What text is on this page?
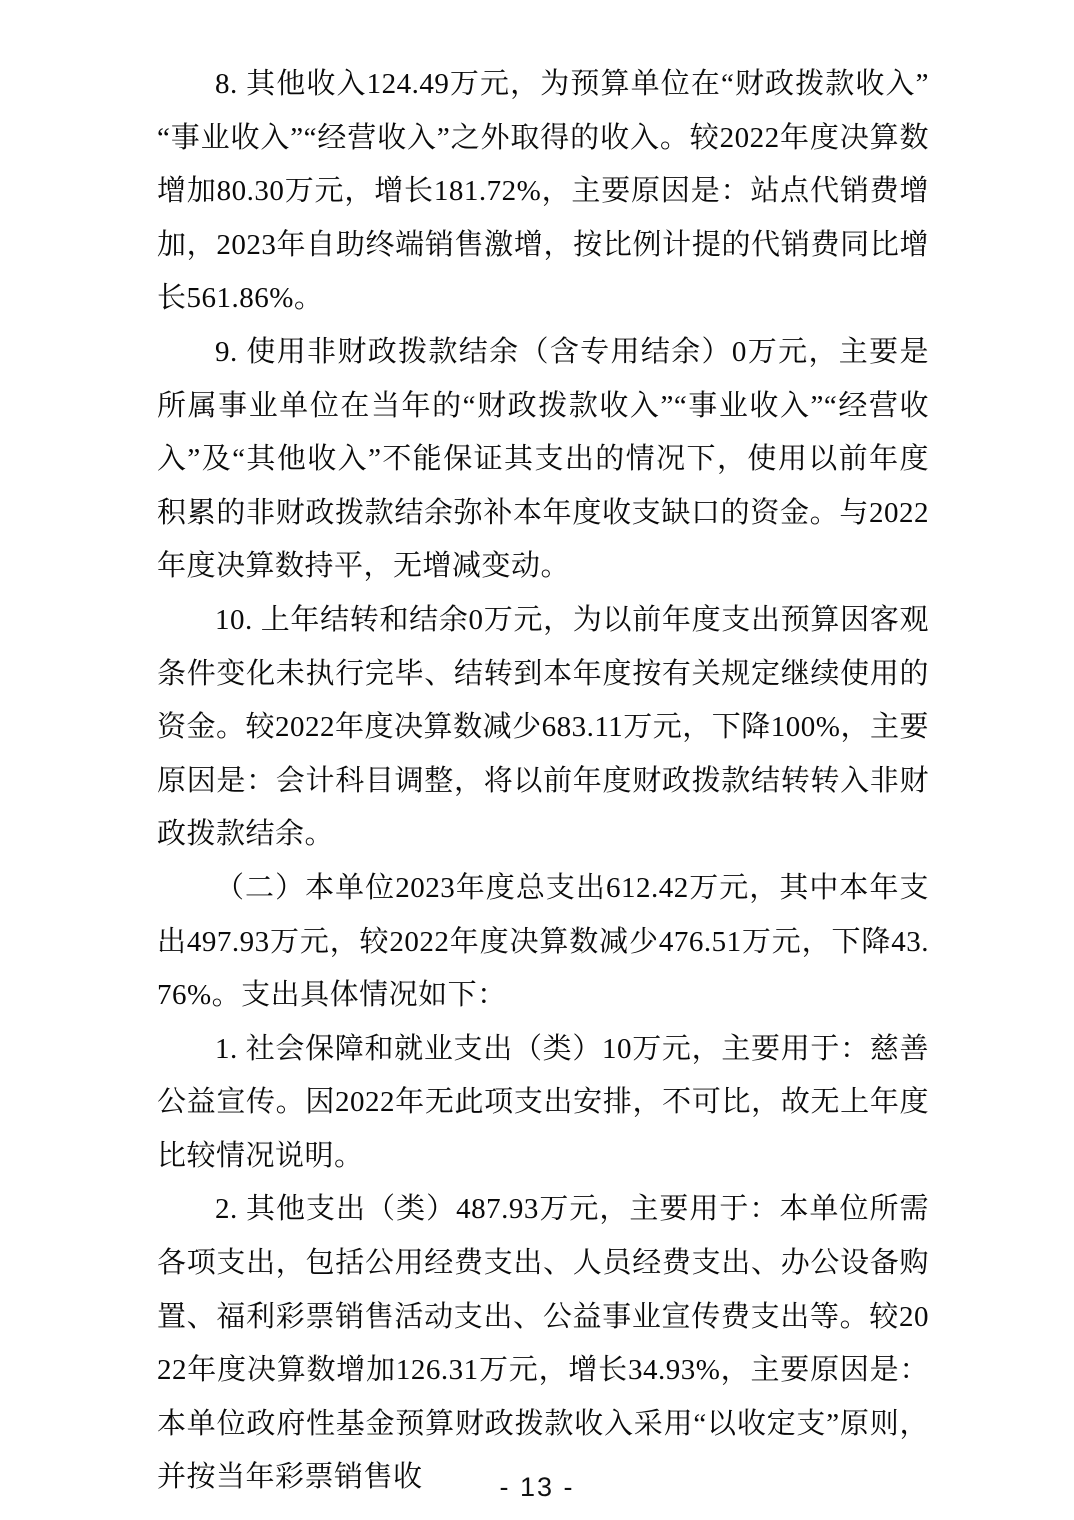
8. 其他收入124.49万元，为预算单位在“财政拨款收入”“事业收入”“经营收入”之外取得的收入。较2022年度决算数增加80.30万元，增长181.72%，主要原因是：站点代销费增加，2023年自助终端销售激增，按比例计提的代销费同比增长561.86%。

9. 使用非财政拨款结余（含专用结余）0万元，主要是所属事业单位在当年的“财政拨款收入”“事业收入”“经营收入”及“其他收入”不能保证其支出的情况下，使用以前年度积累的非财政拨款结余弥补本年度收支缺口的资金。与2022年度决算数持平，无增减变动。

10. 上年结转和结余0万元，为以前年度支出预算因客观条件变化未执行完毕、结转到本年度按有关规定继续使用的资金。较2022年度决算数减少683.11万元，下降100%，主要原因是：会计科目调整，将以前年度财政拨款结转转入非财政拨款结余。

（二）本单位2023年度总支出612.42万元，其中本年支出497.93万元，较2022年度决算数减少476.51万元，下降43.76%。支出具体情况如下：

1. 社会保障和就业支出（类）10万元，主要用于：慈善公益宣传。因2022年无此项支出安排，不可比，故无上年度比较情况说明。

2. 其他支出（类）487.93万元，主要用于：本单位所需各项支出，包括公用经费支出、人员经费支出、办公设备购置、福利彩票销售活动支出、公益事业宣传费支出等。较2022年度决算数增加126.31万元，增长34.93%，主要原因是：本单位政府性基金预算财政拨款收入采用“以收定支”原则，并按当年彩票销售收	- 13 -
